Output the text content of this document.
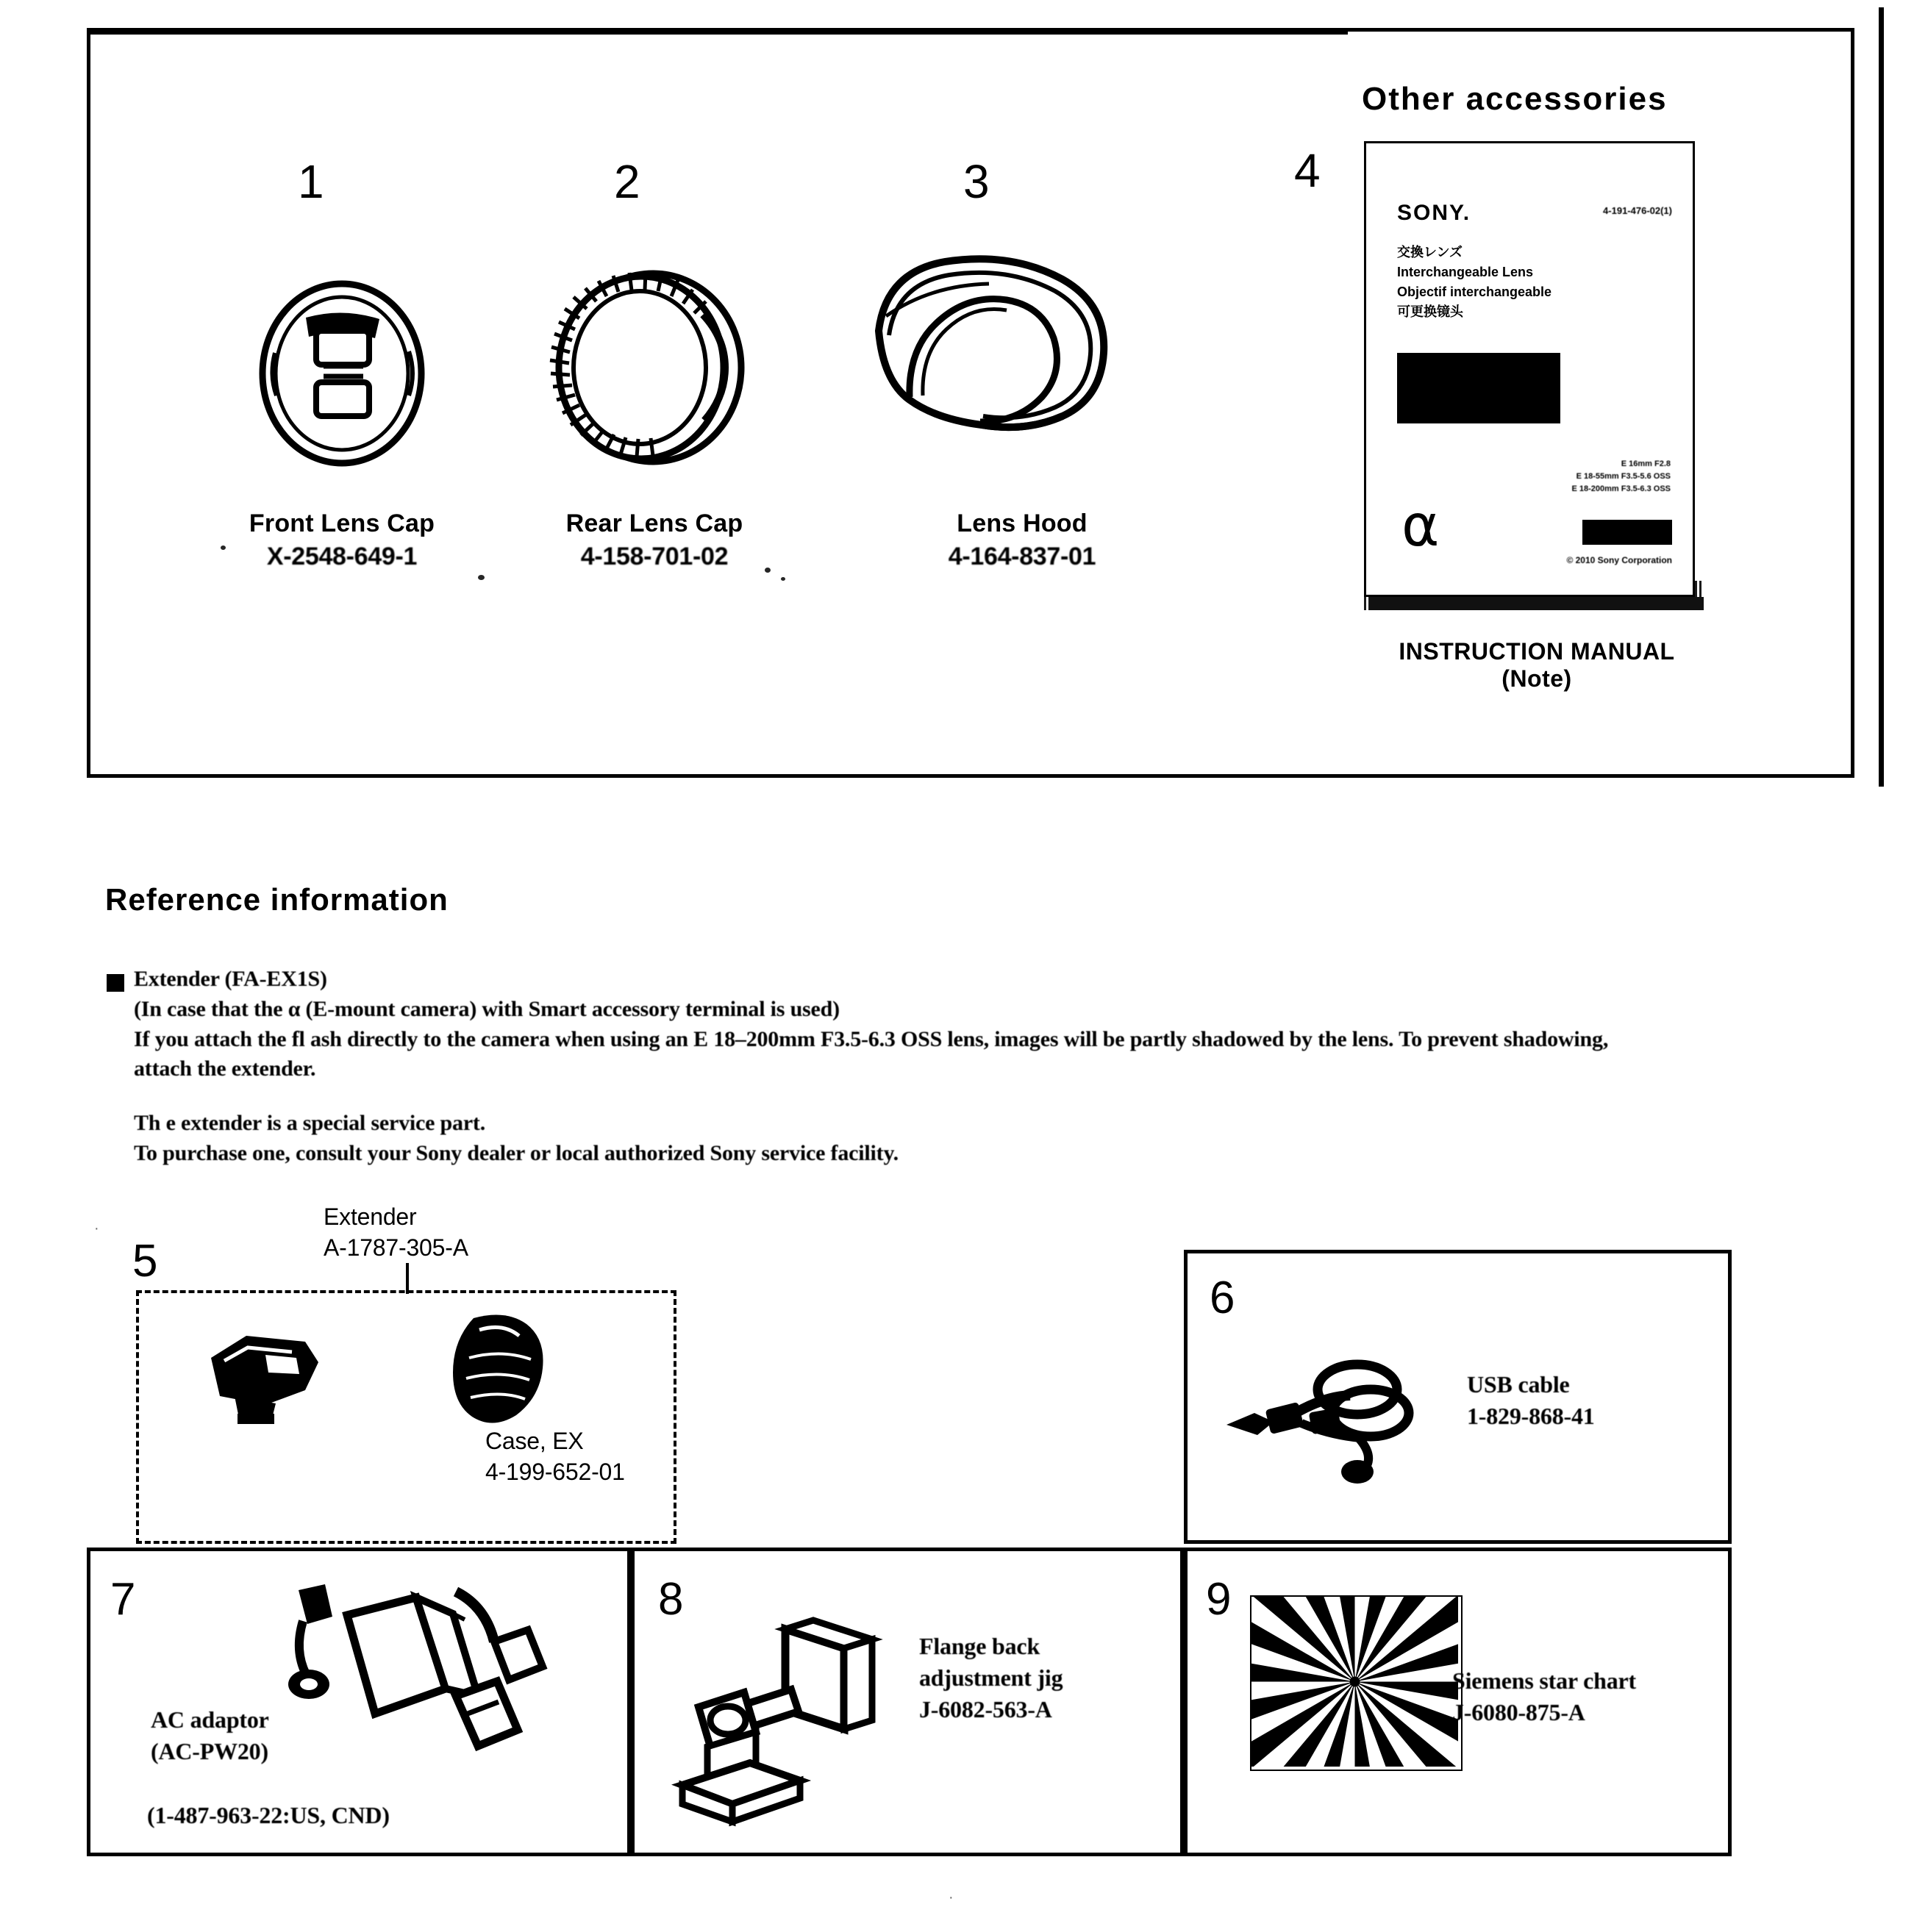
1
Front Lens Cap
X-2548-649-1
2
Rear Lens Cap
4-158-701-02
3
Lens Hood
4-164-837-01
Other accessories
4
SONY.	4-191-476-02(1)
交換レンズ
Interchangeable Lens
Objectif interchangeable
可更换镜头
E 16mm F2.8
E 18-55mm F3.5-5.6 OSS
E 18-200mm F3.5-6.3 OSS
α
© 2010 Sony Corporation
INSTRUCTION MANUAL (Note)
Reference information
Extender (FA-EX1S)
(In case that the α (E-mount camera) with Smart accessory terminal is used)
If you attach the fl ash directly to the camera when using an E 18–200mm F3.5-6.3 OSS lens, images will be partly shadowed by the lens. To prevent shadowing,
attach the extender.
Th e extender is a special service part.
To purchase one, consult your Sony dealer or local authorized Sony service facility.
5
Extender
A-1787-305-A
Case, EX
4-199-652-01
6
USB cable
1-829-868-41
7
AC adaptor
(AC-PW20)
(1-487-963-22:US, CND)
8
Flange back
adjustment jig
J-6082-563-A
9
Siemens star chart
J-6080-875-A
·
·
